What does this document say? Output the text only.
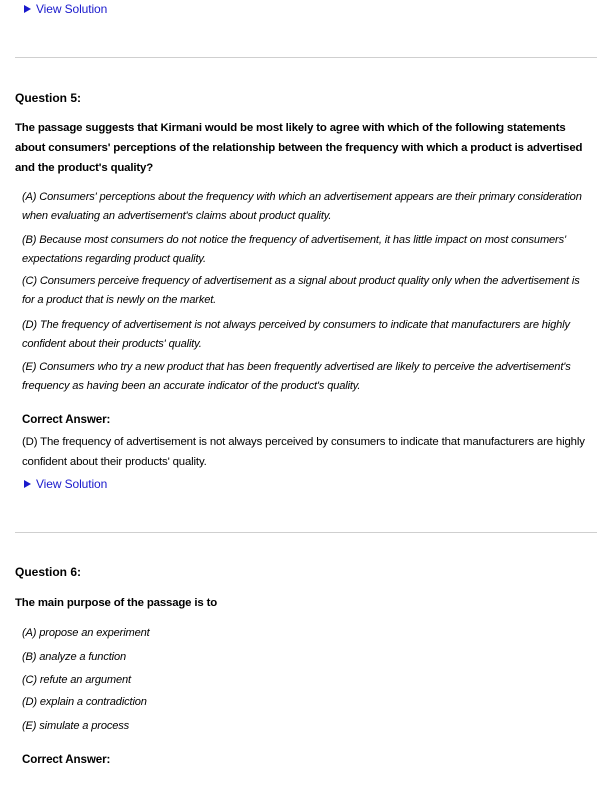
View Solution
Question 5:
The passage suggests that Kirmani would be most likely to agree with which of the following statements about consumers' perceptions of the relationship between the frequency with which a product is advertised and the product's quality?
(A) Consumers' perceptions about the frequency with which an advertisement appears are their primary consideration when evaluating an advertisement's claims about product quality.
(B) Because most consumers do not notice the frequency of advertisement, it has little impact on most consumers' expectations regarding product quality.
(C) Consumers perceive frequency of advertisement as a signal about product quality only when the advertisement is for a product that is newly on the market.
(D) The frequency of advertisement is not always perceived by consumers to indicate that manufacturers are highly confident about their products' quality.
(E) Consumers who try a new product that has been frequently advertised are likely to perceive the advertisement's frequency as having been an accurate indicator of the product's quality.
Correct Answer:
(D) The frequency of advertisement is not always perceived by consumers to indicate that manufacturers are highly confident about their products' quality.
View Solution
Question 6:
The main purpose of the passage is to
(A) propose an experiment
(B) analyze a function
(C) refute an argument
(D) explain a contradiction
(E) simulate a process
Correct Answer:
